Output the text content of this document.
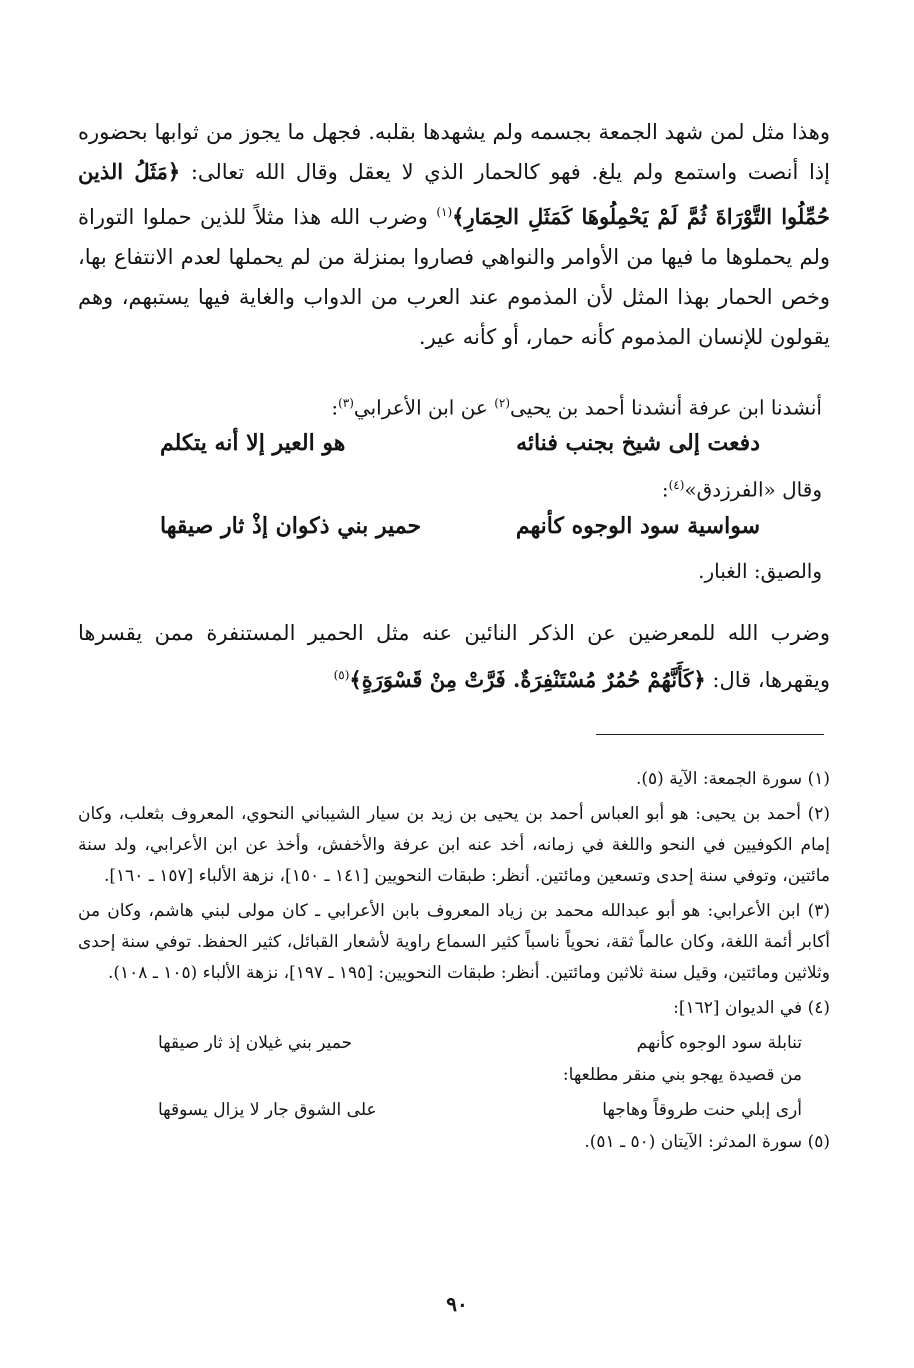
وهذا مثل لمن شهد الجمعة بجسمه ولم يشهدها بقلبه. فجهل ما يجوز من ثوابها بحضوره إذا أنصت واستمع ولم يلغ. فهو كالحمار الذي لا يعقل وقال الله تعالى: ﴿مَثَلُ الذين حُمِّلُوا التَّوْرَاةَ ثُمَّ لَمْ يَحْمِلُوهَا كَمَثَلِ الحِمَارِ﴾$^{(١)}$ وضرب الله هذا مثلاً للذين حملوا التوراة ولم يحملوها ما فيها من الأوامر والنواهي فصاروا بمنزلة من لم يحملها لعدم الانتفاع بها، وخص الحمار بهذا المثل لأن المذموم عند العرب من الدواب والغاية فيها يستبهم، وهم يقولون للإنسان المذموم كأنه حمار، أو كأنه عير.

أنشدنا ابن عرفة أنشدنا أحمد بن يحيى$^{(٢)}$ عن ابن الأعرابي$^{(٣)}$:
دفعت إلى شيخ بجنب فنائه
هو العير إلا أنه يتكلم
وقال «الفرزدق»$^{(٤)}$:
سواسية سود الوجوه كأنهم
حمير بني ذكوان إذْ ثار صيقها
والصيق: الغبار.

وضرب الله للمعرضين عن الذكر النائين عنه مثل الحمير المستنفرة ممن يقسرها ويقهرها، قال: ﴿كَأَنَّهُمْ حُمُرٌ مُسْتَنْفِرَةٌ. فَرَّتْ مِنْ قَسْوَرَةٍ﴾$^{(٥)}$

(١) سورة الجمعة: الآية (٥).

(٢) أحمد بن يحيى: هو أبو العباس أحمد بن يحيى بن زيد بن سيار الشيباني النحوي، المعروف بثعلب، وكان إمام الكوفيين في النحو واللغة في زمانه، أخد عنه ابن عرفة والأخفش، وأخذ عن ابن الأعرابي، ولد سنة مائتين، وتوفي سنة إحدى وتسعين ومائتين. أنظر: طبقات النحويين [١٤١ ـ ١٥٠]، نزهة الألباء [١٥٧ ـ ١٦٠].

(٣) ابن الأعرابي: هو أبو عبدالله محمد بن زياد المعروف بابن الأعرابي ـ كان مولى لبني هاشم، وكان من أكابر أئمة اللغة، وكان عالماً ثقة، نحوياً ناسباً كثير السماع راوية لأشعار القبائل، كثير الحفظ. توفي سنة إحدى وثلاثين ومائتين، وقيل سنة ثلاثين ومائتين. أنظر: طبقات النحويين: [١٩٥ ـ ١٩٧]، نزهة الألباء (١٠٥ ـ ١٠٨).

(٤) في الديوان [١٦٢]:

تنابلة سود الوجوه كأنهم
حمير بني غيلان إذ ثار صيقها

من قصيدة يهجو بني منقر مطلعها:

أرى إبلي حنت طروقاً وهاجها
على الشوق جار لا يزال يسوقها

(٥) سورة المدثر: الآيتان (٥٠ ـ ٥١).

٩٠
